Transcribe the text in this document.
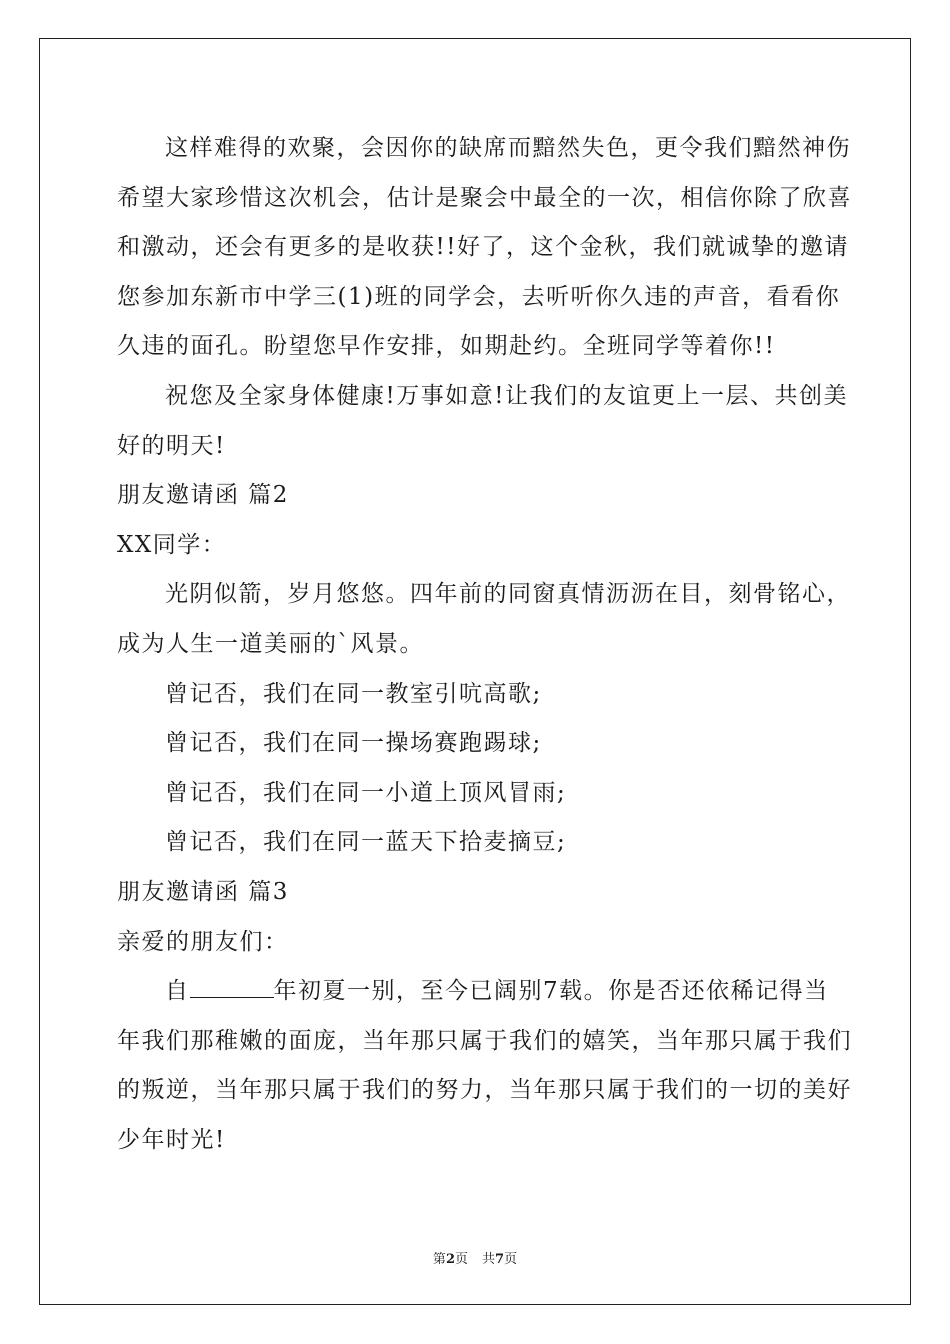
这样难得的欢聚，会因你的缺席而黯然失色，更令我们黯然神伤
希望大家珍惜这次机会，估计是聚会中最全的一次，相信你除了欣喜
和激动，还会有更多的是收获!!好了，这个金秋，我们就诚挚的邀请
您参加东新市中学三(1)班的同学会，去听听你久违的声音，看看你
久违的面孔。盼望您早作安排，如期赴约。全班同学等着你!!
祝您及全家身体健康!万事如意!让我们的友谊更上一层、共创美
好的明天!
朋友邀请函 篇2
XX同学：
光阴似箭，岁月悠悠。四年前的同窗真情沥沥在目，刻骨铭心，
成为人生一道美丽的`风景。
曾记否，我们在同一教室引吭高歌;
曾记否，我们在同一操场赛跑踢球;
曾记否，我们在同一小道上顶风冒雨;
曾记否，我们在同一蓝天下拾麦摘豆;
朋友邀请函 篇3
亲爱的朋友们：
自	年初夏一别，至今已阔别7载。你是否还依稀记得当
年我们那稚嫩的面庞，当年那只属于我们的嬉笑，当年那只属于我们
的叛逆，当年那只属于我们的努力，当年那只属于我们的一切的美好
少年时光!
第2页 共7页
